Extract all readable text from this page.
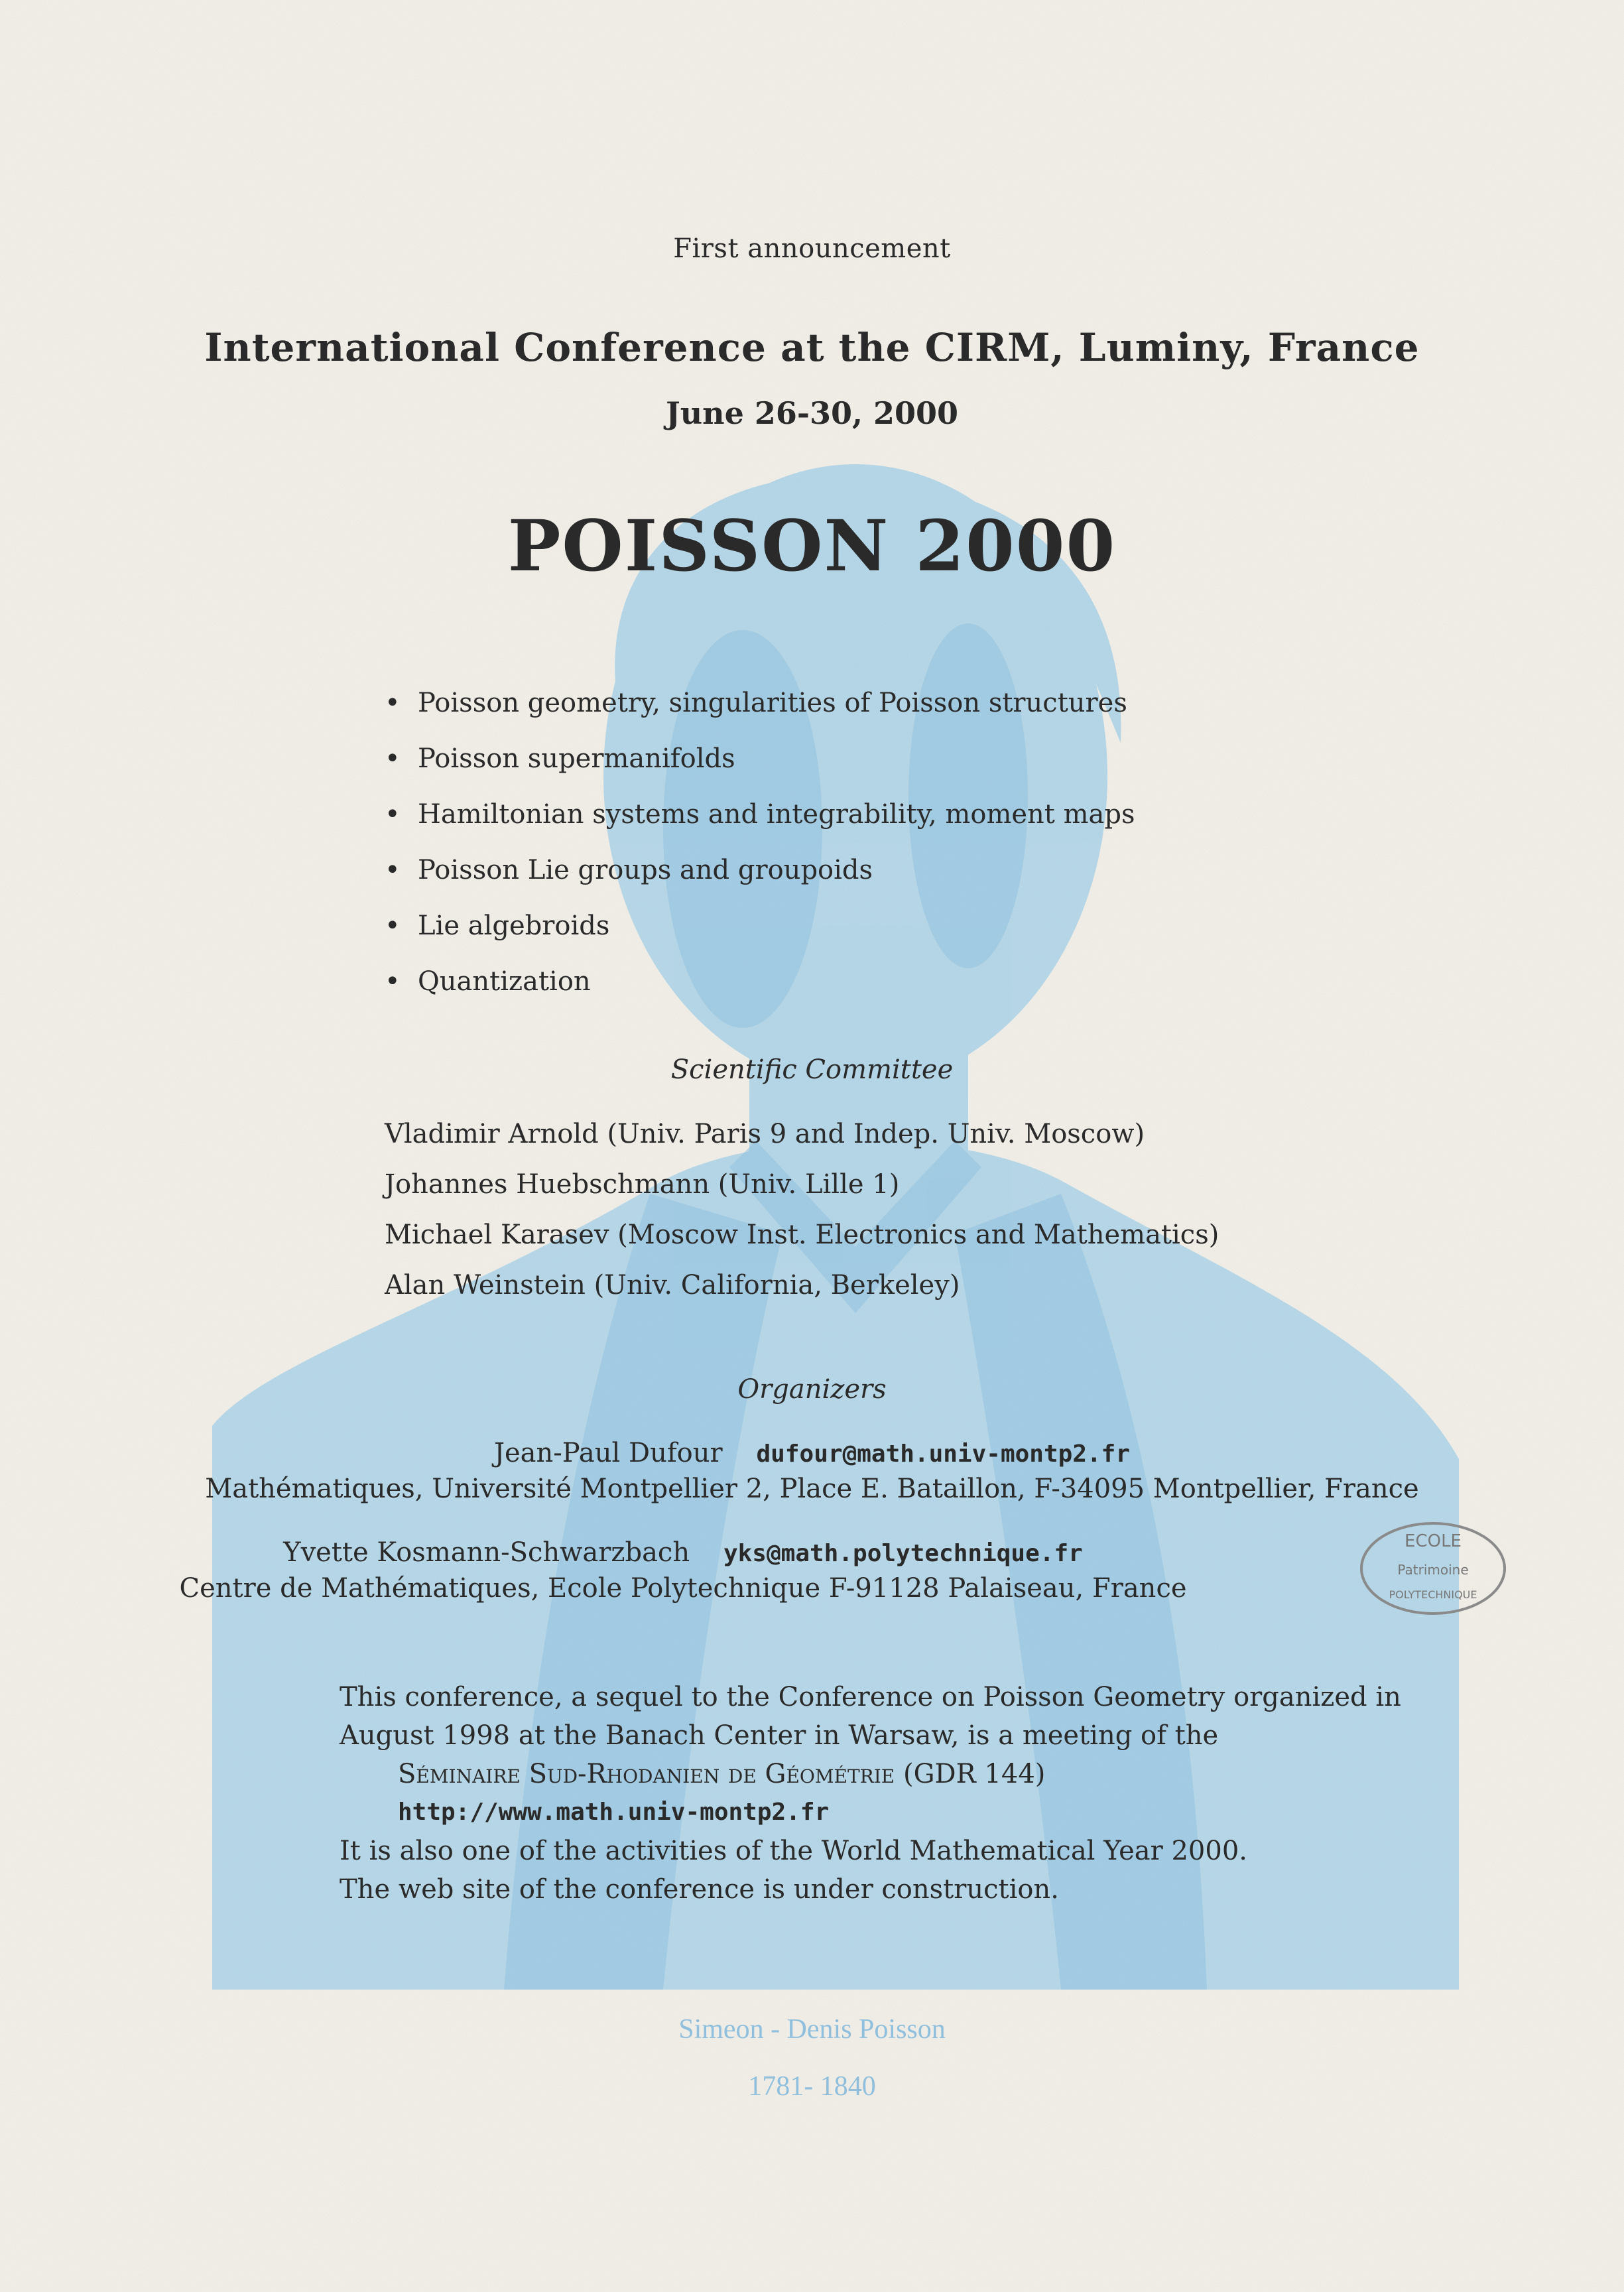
First announcement
International Conference at the CIRM, Luminy, France
June 26-30, 2000
POISSON 2000
• Poisson geometry, singularities of Poisson structures
• Poisson supermanifolds
• Hamiltonian systems and integrability, moment maps
• Poisson Lie groups and groupoids
• Lie algebroids
• Quantization
Scientific Committee
Vladimir Arnold (Univ. Paris 9 and Indep. Univ. Moscow)
Johannes Huebschmann (Univ. Lille 1)
Michael Karasev (Moscow Inst. Electronics and Mathematics)
Alan Weinstein (Univ. California, Berkeley)
Organizers
Jean-Paul Dufour dufour@math.univ-montp2.fr
Mathématiques, Université Montpellier 2, Place E. Bataillon, F-34095 Montpellier, France
Yvette Kosmann-Schwarzbach yks@math.polytechnique.fr
Centre de Mathématiques, Ecole Polytechnique F-91128 Palaiseau, France
ECOLE
Patrimoine
POLYTECHNIQUE
This conference, a sequel to the Conference on Poisson Geometry organized in
August 1998 at the Banach Center in Warsaw, is a meeting of the
Séminaire Sud-Rhodanien de Géométrie (GDR 144)
http://www.math.univ-montp2.fr
It is also one of the activities of the World Mathematical Year 2000.
The web site of the conference is under construction.
Simeon - Denis Poisson
1781- 1840
